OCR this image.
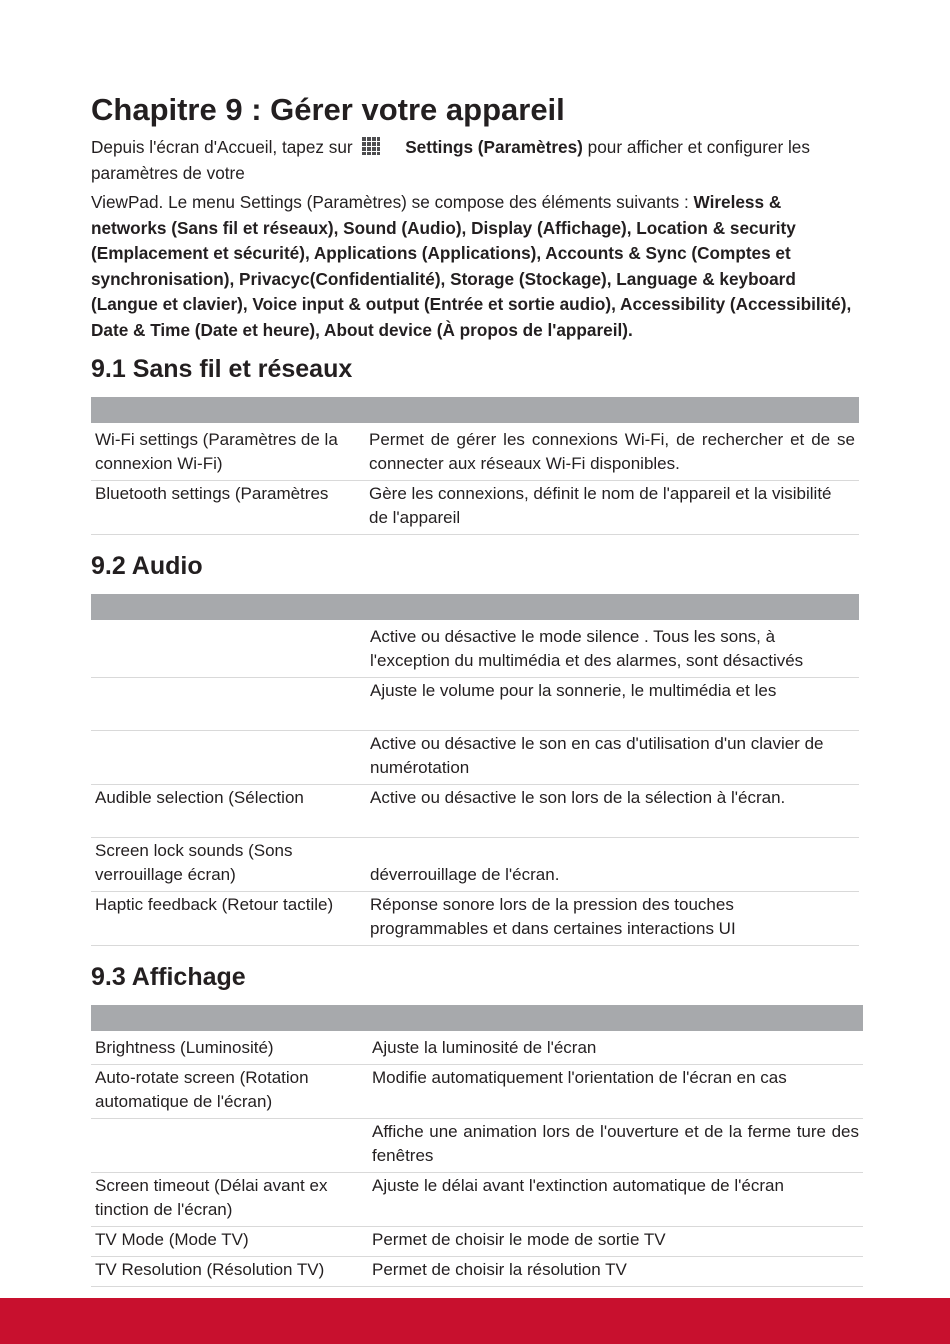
Chapitre 9 : Gérer votre appareil

Depuis l'écran d'Accueil, tapez sur	Settings (Paramètres) pour afficher et configurer les paramètres de votre

ViewPad. Le menu Settings (Paramètres) se compose des éléments suivants : Wireless & networks (Sans fil et réseaux), Sound (Audio), Display (Affichage), Location & security (Emplacement et sécurité), Applications (Applications), Accounts & Sync (Comptes et synchronisation), Privacyc(Confidentialité), Storage (Stockage), Language & keyboard (Langue et clavier), Voice input & output (Entrée et sortie audio), Accessibility (Accessibilité), Date & Time (Date et heure), About device (À propos de l'appareil).

9.1 Sans fil et réseaux
Wi-Fi settings (Paramètres de la connexion Wi-Fi)	Permet de gérer les connexions Wi-Fi, de rechercher et de se connecter aux réseaux Wi-Fi disponibles.
Bluetooth settings (Paramètres	Gère les connexions, définit le nom de l'appareil et la visibilité de l'appareil
9.2 Audio
	Active ou désactive le mode silence . Tous les sons, à l'exception du multimédia et des alarmes, sont désactivés
	Ajuste le volume pour la sonnerie, le multimédia et les
	Active ou désactive le son en cas d'utilisation d'un clavier de numérotation
Audible selection (Sélection	Active ou désactive le son lors de la sélection à l'écran.
Screen lock sounds (Sons verrouillage écran)	déverrouillage de l'écran.
Haptic feedback (Retour tactile)	Réponse sonore lors de la pression des touches programmables et dans certaines interactions UI
9.3 Affichage
Brightness (Luminosité)	Ajuste la luminosité de l'écran
Auto-rotate screen (Rotation automatique de l'écran)	Modifie automatiquement l'orientation de l'écran en cas
	Affiche une animation lors de l'ouverture et de la ferme ture des fenêtres
Screen timeout (Délai avant ex tinction de l'écran)	Ajuste le délai avant l'extinction automatique de l'écran
TV Mode (Mode TV)	Permet de choisir le mode de sortie TV
TV Resolution (Résolution TV)	Permet de choisir la résolution TV
